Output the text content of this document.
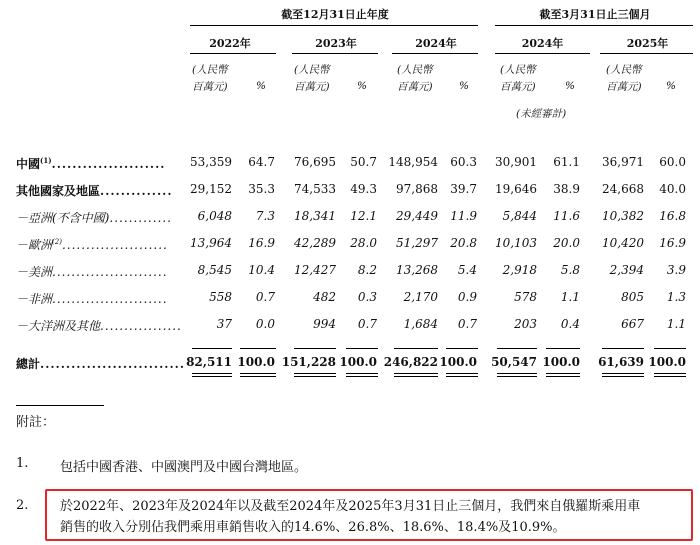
截至12月31日止年度	截至3月31日止三個月
2022年	2023年	2024年	2024年	2025年
(人民幣
百萬元)	%
(人民幣
百萬元)	%
(人民幣
百萬元)	%
(人民幣
百萬元)	%
(未經審計)
(人民幣
百萬元) %
中國$^{(1)}$......................	53,359	64.7	76,695	50.7 148,954	60.3	30,901	61.1	36,971	60.0
其他國家及地區..............	29,152	35.3	74,533	49.3	97,868	39.7	19,646	38.9	24,668	40.0
－亞洲(不含中國).............	6,048	7.3	18,341	12.1	29,449	11.9	5,844	11.6	10,382	16.8
－歐洲$^{(2)}$......................	13,964	16.9	42,289	28.0	51,297	20.8	10,103	20.0	10,420	16.9
－美洲........................	8,545	10.4	12,427	8.2	13,268	5.4	2,918	5.8	2,394	3.9
－非洲........................	558	0.7	482	0.3	2,170	0.9	578	1.1	805	1.3
－大洋洲及其他.................	37	0.0	994	0.7	1,684	0.7	203	0.4	667	1.1
總計............................ 82,511 100.0 151,228 100.0 246,822 100.0	50,547 100.0	61,639 100.0
附註：
1. 包括中國香港、中國澳門及中國台灣地區。
2. 於2022年、2023年及2024年以及截至2024年及2025年3月31日止三個月，我們來自俄羅斯乘用車
銷售的收入分別佔我們乘用車銷售收入的14.6%、26.8%、18.6%、18.4%及10.9%。
